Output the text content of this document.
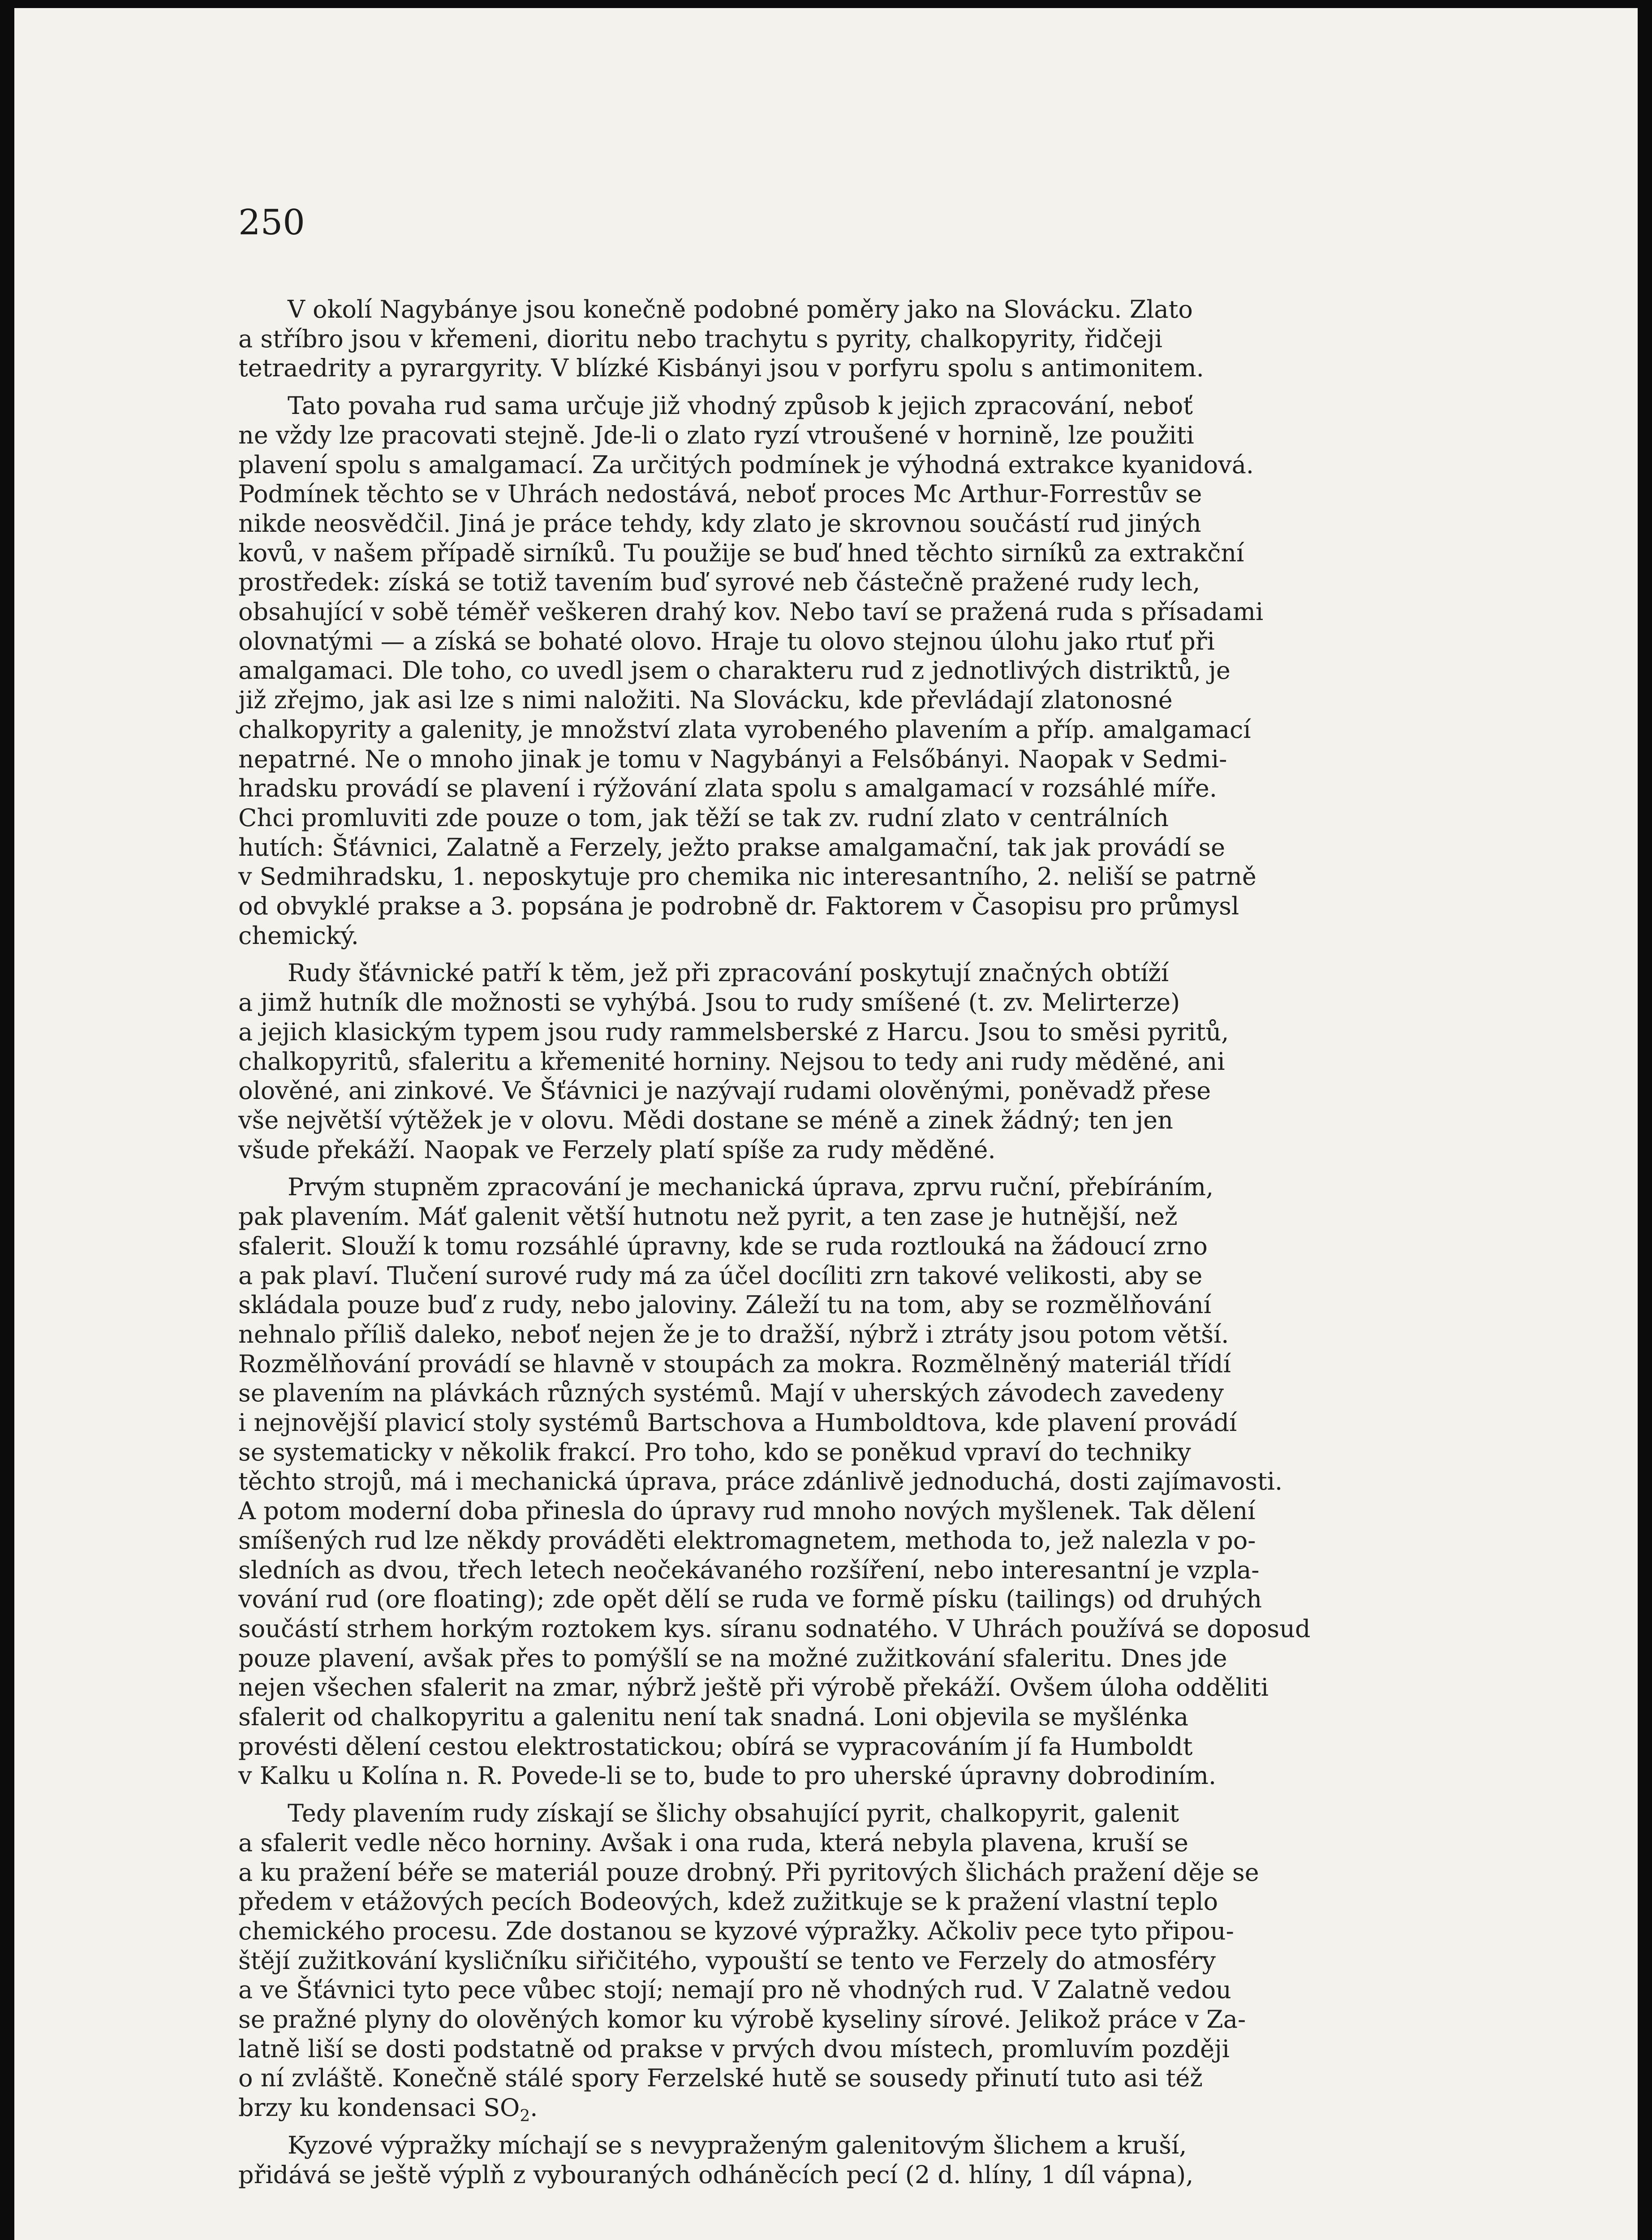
250

V okolí Nagybánye jsou konečně podobné poměry jako na Slovácku. Zlato
a stříbro jsou v křemeni, dioritu nebo trachytu s pyrity, chalkopyrity, řidčeji
tetraedrity a pyrargyrity. V blízké Kisbányi jsou v porfyru spolu s antimonitem.

Tato povaha rud sama určuje již vhodný způsob k jejich zpracování, neboť
ne vždy lze pracovati stejně. Jde-li o zlato ryzí vtroušené v hornině, lze použiti
plavení spolu s amalgamací. Za určitých podmínek je výhodná extrakce kyanidová.
Podmínek těchto se v Uhrách nedostává, neboť proces Mc Arthur-Forrestův se
nikde neosvědčil. Jiná je práce tehdy, kdy zlato je skrovnou součástí rud jiných
kovů, v našem případě sirníků. Tu použije se buď hned těchto sirníků za extrakční
prostředek: získá se totiž tavením buď syrové neb částečně pražené rudy lech,
obsahující v sobě téměř veškeren drahý kov. Nebo taví se pražená ruda s přísadami
olovnatými — a získá se bohaté olovo. Hraje tu olovo stejnou úlohu jako rtuť při
amalgamaci. Dle toho, co uvedl jsem o charakteru rud z jednotlivých distriktů, je
již zřejmo, jak asi lze s nimi naložiti. Na Slovácku, kde převládají zlatonosné
chalkopyrity a galenity, je množství zlata vyrobeného plavením a příp. amalgamací
nepatrné. Ne o mnoho jinak je tomu v Nagybányi a Felsőbányi. Naopak v Sedmi-
hradsku provádí se plavení i rýžování zlata spolu s amalgamací v rozsáhlé míře.
Chci promluviti zde pouze o tom, jak těží se tak zv. rudní zlato v centrálních
hutích: Šťávnici, Zalatně a Ferzely, ježto prakse amalgamační, tak jak provádí se
v Sedmihradsku, 1. neposkytuje pro chemika nic interesantního, 2. neliší se patrně
od obvyklé prakse a 3. popsána je podrobně dr. Faktorem v Časopisu pro průmysl
chemický.

Rudy šťávnické patří k těm, jež při zpracování poskytují značných obtíží
a jimž hutník dle možnosti se vyhýbá. Jsou to rudy smíšené (t. zv. Melirterze)
a jejich klasickým typem jsou rudy rammelsberské z Harcu. Jsou to směsi pyritů,
chalkopyritů, sfaleritu a křemenité horniny. Nejsou to tedy ani rudy měděné, ani
olověné, ani zinkové. Ve Šťávnici je nazývají rudami olověnými, poněvadž přese
vše největší výtěžek je v olovu. Mědi dostane se méně a zinek žádný; ten jen
všude překáží. Naopak ve Ferzely platí spíše za rudy měděné.

Prvým stupněm zpracování je mechanická úprava, zprvu ruční, přebíráním,
pak plavením. Máť galenit větší hutnotu než pyrit, a ten zase je hutnější, než
sfalerit. Slouží k tomu rozsáhlé úpravny, kde se ruda roztlouká na žádoucí zrno
a pak plaví. Tlučení surové rudy má za účel docíliti zrn takové velikosti, aby se
skládala pouze buď z rudy, nebo jaloviny. Záleží tu na tom, aby se rozmělňování
nehnalo příliš daleko, neboť nejen že je to dražší, nýbrž i ztráty jsou potom větší.
Rozmělňování provádí se hlavně v stoupách za mokra. Rozmělněný materiál třídí
se plavením na plávkách různých systémů. Mají v uherských závodech zavedeny
i nejnovější plavicí stoly systémů Bartschova a Humboldtova, kde plavení provádí
se systematicky v několik frakcí. Pro toho, kdo se poněkud vpraví do techniky
těchto strojů, má i mechanická úprava, práce zdánlivě jednoduchá, dosti zajímavosti.
A potom moderní doba přinesla do úpravy rud mnoho nových myšlenek. Tak dělení
smíšených rud lze někdy prováděti elektromagnetem, methoda to, jež nalezla v po-
sledních as dvou, třech letech neočekávaného rozšíření, nebo interesantní je vzpla-
vování rud (ore floating); zde opět dělí se ruda ve formě písku (tailings) od druhých
součástí strhem horkým roztokem kys. síranu sodnatého. V Uhrách používá se doposud
pouze plavení, avšak přes to pomýšlí se na možné zužitkování sfaleritu. Dnes jde
nejen všechen sfalerit na zmar, nýbrž ještě při výrobě překáží. Ovšem úloha odděliti
sfalerit od chalkopyritu a galenitu není tak snadná. Loni objevila se myšlénka
provésti dělení cestou elektrostatickou; obírá se vypracováním jí fa Humboldt
v Kalku u Kolína n. R. Povede-li se to, bude to pro uherské úpravny dobrodiním.

Tedy plavením rudy získají se šlichy obsahující pyrit, chalkopyrit, galenit
a sfalerit vedle něco horniny. Avšak i ona ruda, která nebyla plavena, kruší se
a ku pražení béře se materiál pouze drobný. Při pyritových šlichách pražení děje se
předem v etážových pecích Bodeových, kdež zužitkuje se k pražení vlastní teplo
chemického procesu. Zde dostanou se kyzové výpražky. Ačkoliv pece tyto připou-
štějí zužitkování kysličníku siřičitého, vypouští se tento ve Ferzely do atmosféry
a ve Šťávnici tyto pece vůbec stojí; nemají pro ně vhodných rud. V Zalatně vedou
se pražné plyny do olověných komor ku výrobě kyseliny sírové. Jelikož práce v Za-
latně liší se dosti podstatně od prakse v prvých dvou místech, promluvím později
o ní zvláště. Konečně stálé spory Ferzelské hutě se sousedy přinutí tuto asi též
brzy ku kondensaci $SO_2$.

Kyzové výpražky míchají se s nevypraženým galenitovým šlichem a kruší,
přidává se ještě výplň z vybouraných odháněcích pecí (2 d. hlíny, 1 díl vápna),
